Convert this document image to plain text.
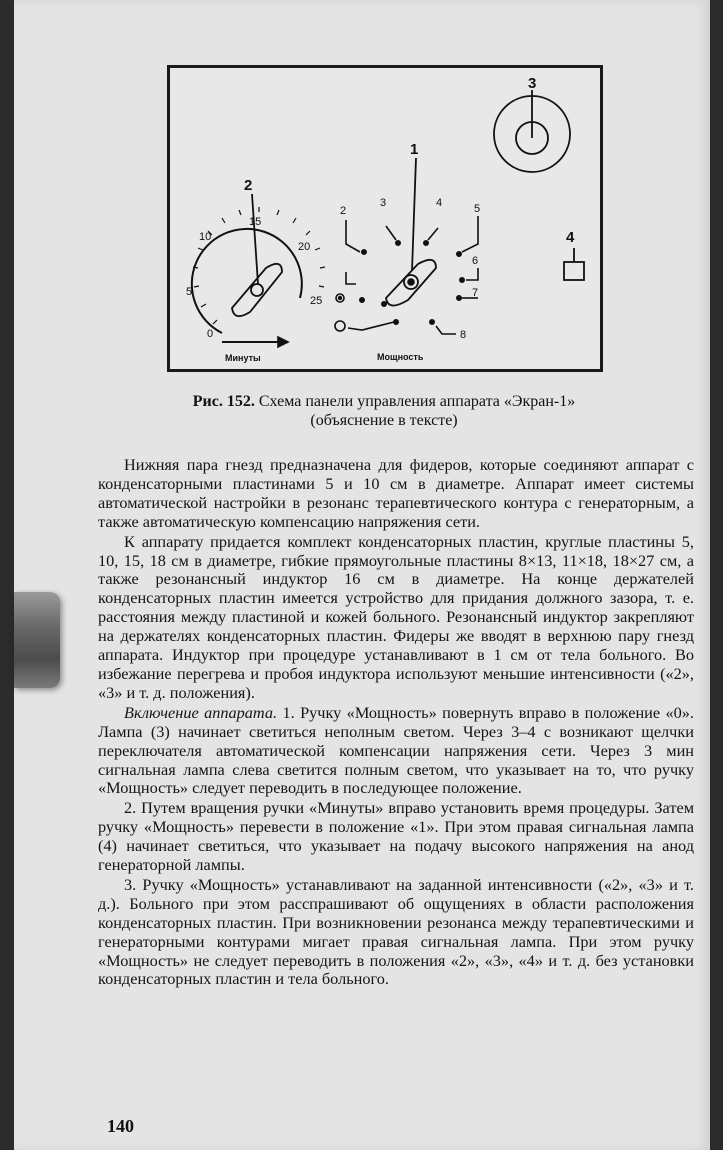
2
0
5
10
15
20
25
Минуты
1
2
3	4	5
6
7
8
Мощность
3
4
Рис. 152. Схема панели управления аппарата «Экран-1»
(объяснение в тексте)

Нижняя пара гнезд предназначена для фидеров, которые соединяют аппарат с конденсаторными пластинами 5 и 10 см в диаметре. Аппарат имеет системы автоматической настройки в резонанс терапевтического контура с генераторным, а также автоматическую компенсацию напряжения сети.

К аппарату придается комплект конденсаторных пластин, круглые пластины 5, 10, 15, 18 см в диаметре, гибкие прямоугольные пластины 8×13, 11×18, 18×27 см, а также резонансный индуктор 16 см в диаметре. На конце держателей конденсаторных пластин имеется устройство для придания должного зазора, т. е. расстояния между пластиной и кожей больного. Резонансный индуктор закрепляют на держателях конденсаторных пластин. Фидеры же вводят в верхнюю пару гнезд аппарата. Индуктор при процедуре устанавливают в 1 см от тела больного. Во избежание перегрева и пробоя индуктора используют меньшие интенсивности («2», «3» и т. д. положения).

Включение аппарата. 1. Ручку «Мощность» повернуть вправо в положение «0». Лампа (3) начинает светиться неполным светом. Через 3–4 с возникают щелчки переключателя автоматической компенсации напряжения сети. Через 3 мин сигнальная лампа слева светится полным светом, что указывает на то, что ручку «Мощность» следует переводить в последующее положение.

2. Путем вращения ручки «Минуты» вправо установить время процедуры. Затем ручку «Мощность» перевести в положение «1». При этом правая сигнальная лампа (4) начинает светиться, что указывает на подачу высокого напряжения на анод генераторной лампы.

3. Ручку «Мощность» устанавливают на заданной интенсивности («2», «3» и т. д.). Больного при этом расспрашивают об ощущениях в области расположения конденсаторных пластин. При возникновении резонанса между терапевтическими и генераторными контурами мигает правая сигнальная лампа. При этом ручку «Мощность» не следует переводить в положения «2», «3», «4» и т. д. без установки конденсаторных пластин и тела больного.

140
